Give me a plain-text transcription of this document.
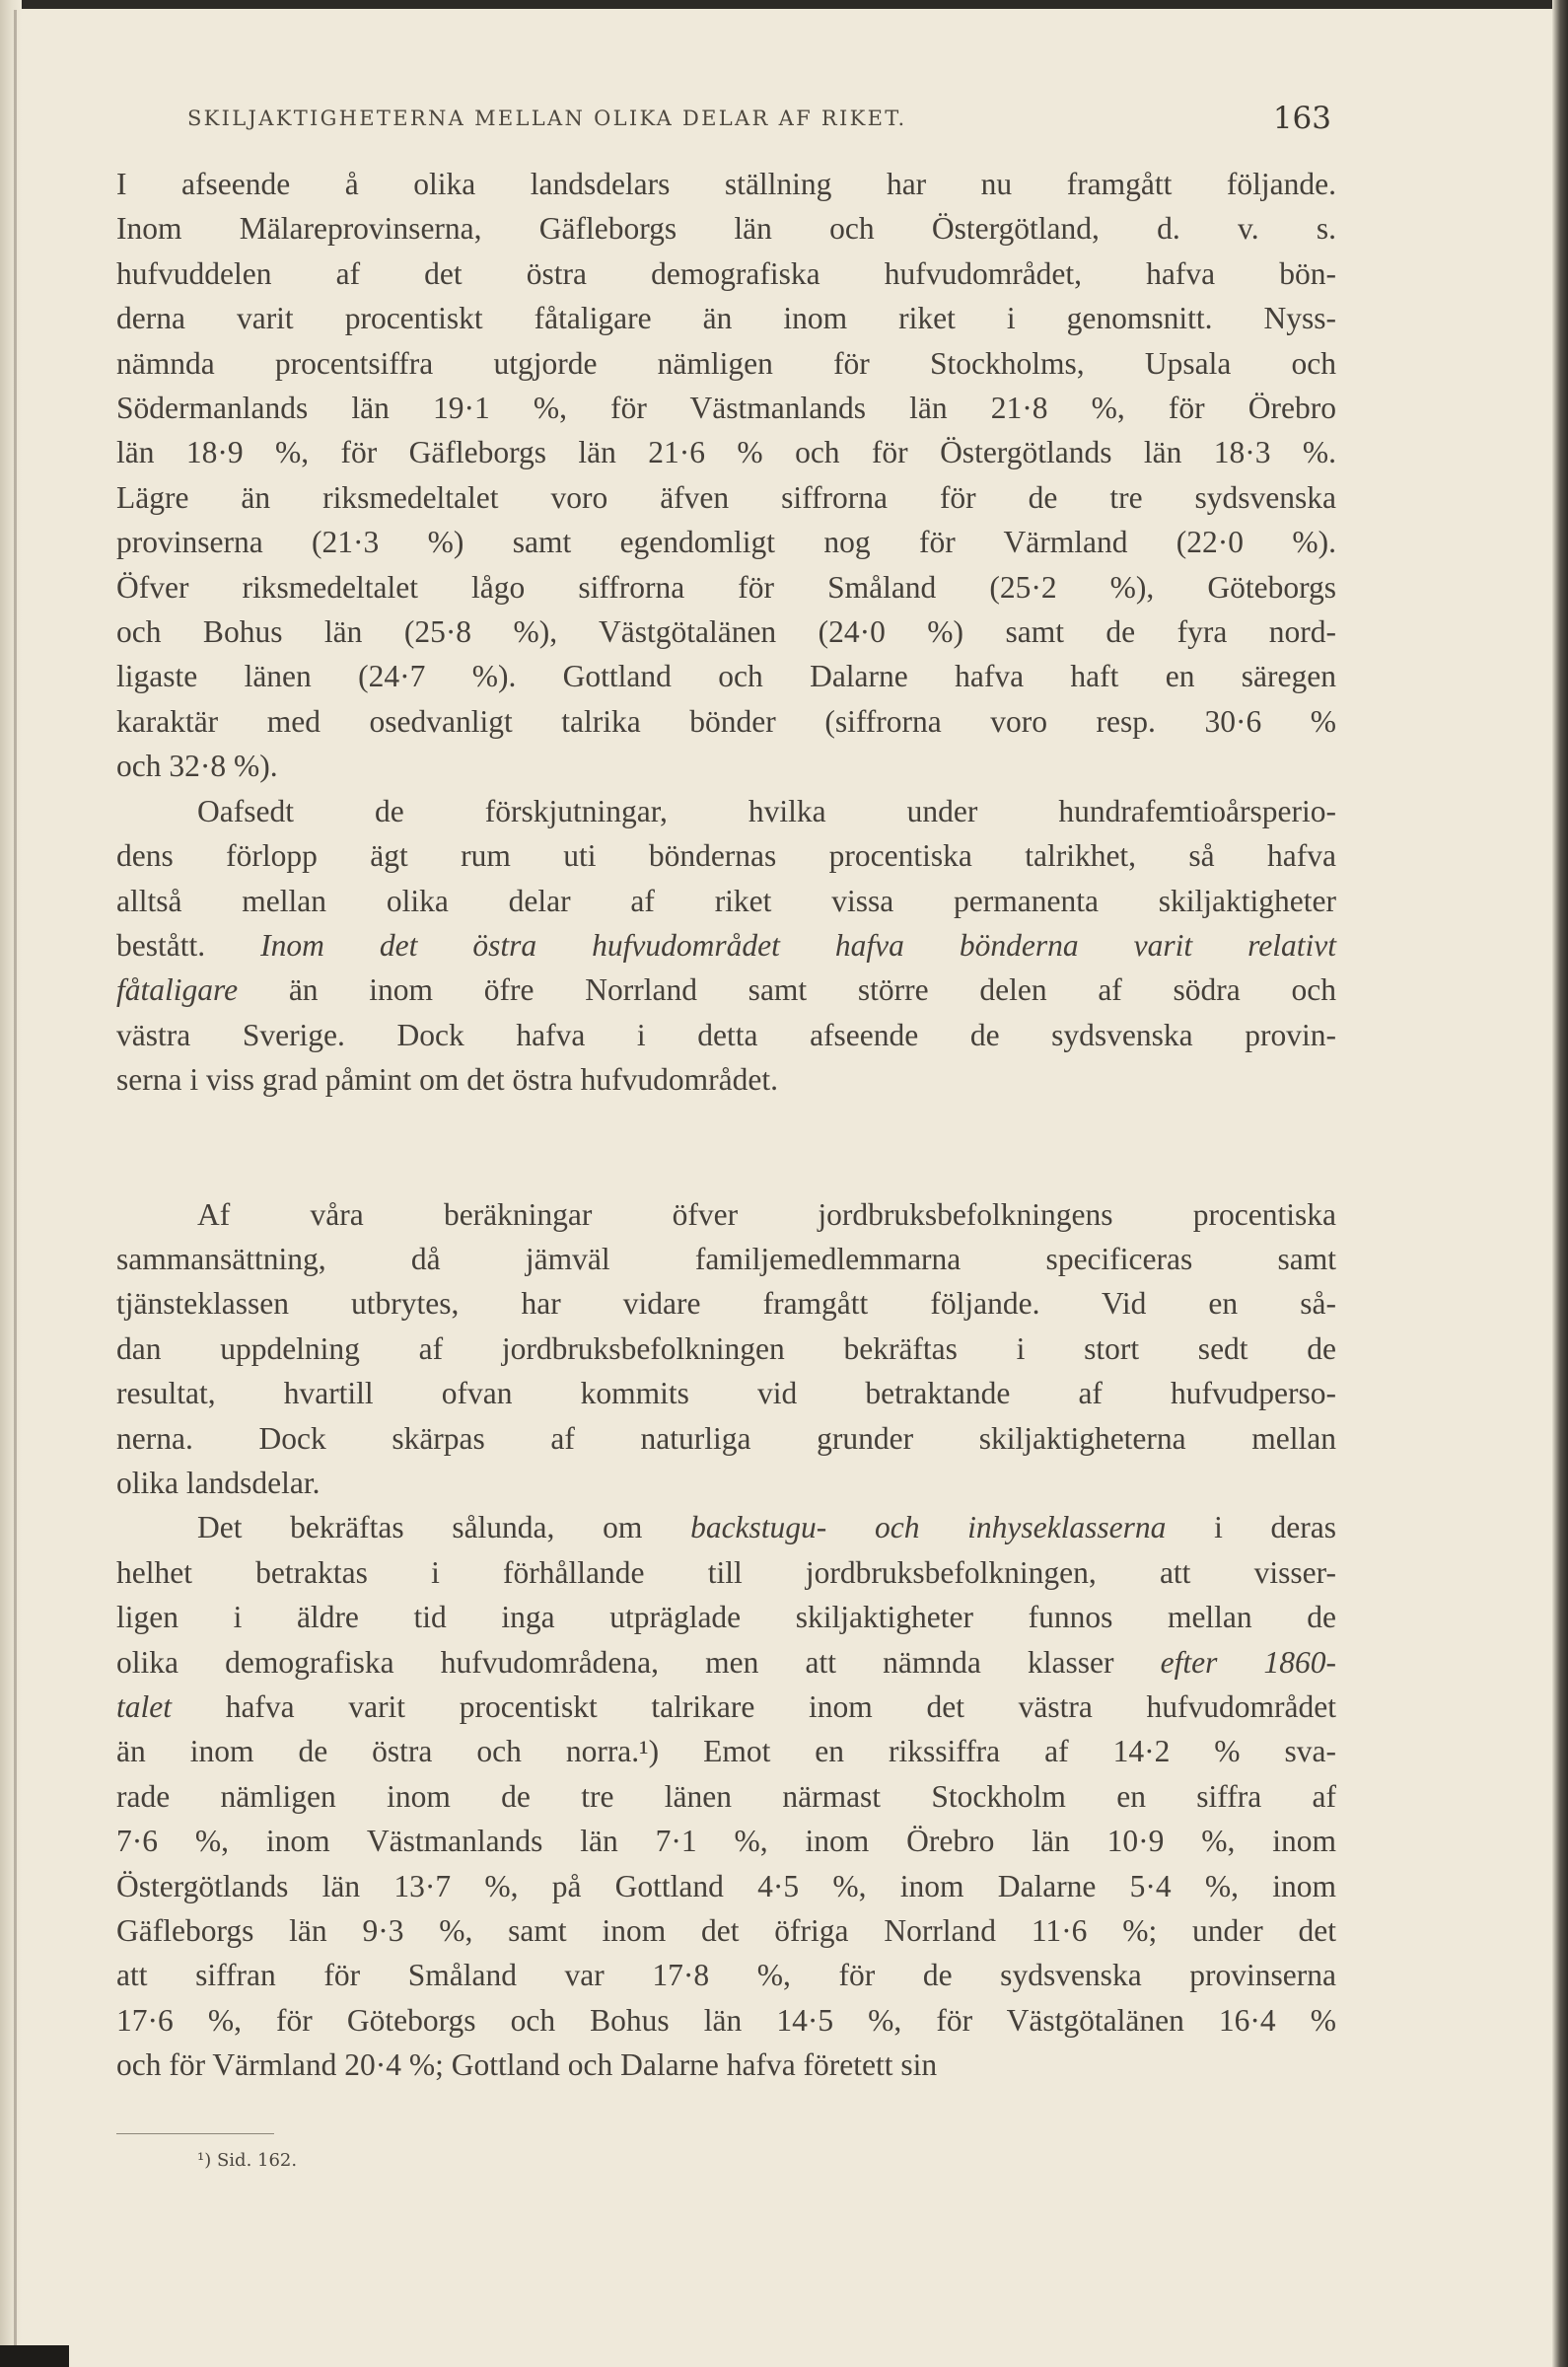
SKILJAKTIGHETERNA MELLAN OLIKA DELAR AF RIKET.	163

I afseende å olika landsdelars ställning har nu framgått följande.
Inom Mälareprovinserna, Gäfleborgs län och Östergötland, d. v. s.
hufvuddelen af det östra demografiska hufvudområdet, hafva bön-
derna varit procentiskt fåtaligare än inom riket i genomsnitt. Nyss-
nämnda procentsiffra utgjorde nämligen för Stockholms, Upsala och
Södermanlands län 19·1 %, för Västmanlands län 21·8 %, för Örebro
län 18·9 %, för Gäfleborgs län 21·6 % och för Östergötlands län 18·3 %.
Lägre än riksmedeltalet voro äfven siffrorna för de tre sydsvenska
provinserna (21·3 %) samt egendomligt nog för Värmland (22·0 %).
Öfver riksmedeltalet lågo siffrorna för Småland (25·2 %), Göteborgs
och Bohus län (25·8 %), Västgötalänen (24·0 %) samt de fyra nord-
ligaste länen (24·7 %). Gottland och Dalarne hafva haft en säregen
karaktär med osedvanligt talrika bönder (siffrorna voro resp. 30·6 %
och 32·8 %).

Oafsedt de förskjutningar, hvilka under hundrafemtioårsperio-
dens förlopp ägt rum uti böndernas procentiska talrikhet, så hafva
alltså mellan olika delar af riket vissa permanenta skiljaktigheter
bestått. Inom det östra hufvudområdet hafva bönderna varit relativt
fåtaligare än inom öfre Norrland samt större delen af södra och
västra Sverige. Dock hafva i detta afseende de sydsvenska provin-
serna i viss grad påmint om det östra hufvudområdet.

Af våra beräkningar öfver jordbruksbefolkningens procentiska
sammansättning, då jämväl familjemedlemmarna specificeras samt
tjänsteklassen utbrytes, har vidare framgått följande. Vid en så-
dan uppdelning af jordbruksbefolkningen bekräftas i stort sedt de
resultat, hvartill ofvan kommits vid betraktande af hufvudperso-
nerna. Dock skärpas af naturliga grunder skiljaktigheterna mellan
olika landsdelar.

Det bekräftas sålunda, om backstugu- och inhyseklasserna i deras
helhet betraktas i förhållande till jordbruksbefolkningen, att visser-
ligen i äldre tid inga utpräglade skiljaktigheter funnos mellan de
olika demografiska hufvudområdena, men att nämnda klasser efter 1860-
talet hafva varit procentiskt talrikare inom det västra hufvudområdet
än inom de östra och norra.¹) Emot en rikssiffra af 14·2 % sva-
rade nämligen inom de tre länen närmast Stockholm en siffra af
7·6 %, inom Västmanlands län 7·1 %, inom Örebro län 10·9 %, inom
Östergötlands län 13·7 %, på Gottland 4·5 %, inom Dalarne 5·4 %, inom
Gäfleborgs län 9·3 %, samt inom det öfriga Norrland 11·6 %; under det
att siffran för Småland var 17·8 %, för de sydsvenska provinserna
17·6 %, för Göteborgs och Bohus län 14·5 %, för Västgötalänen 16·4 %
och för Värmland 20·4 %; Gottland och Dalarne hafva företett sin

¹) Sid. 162.
